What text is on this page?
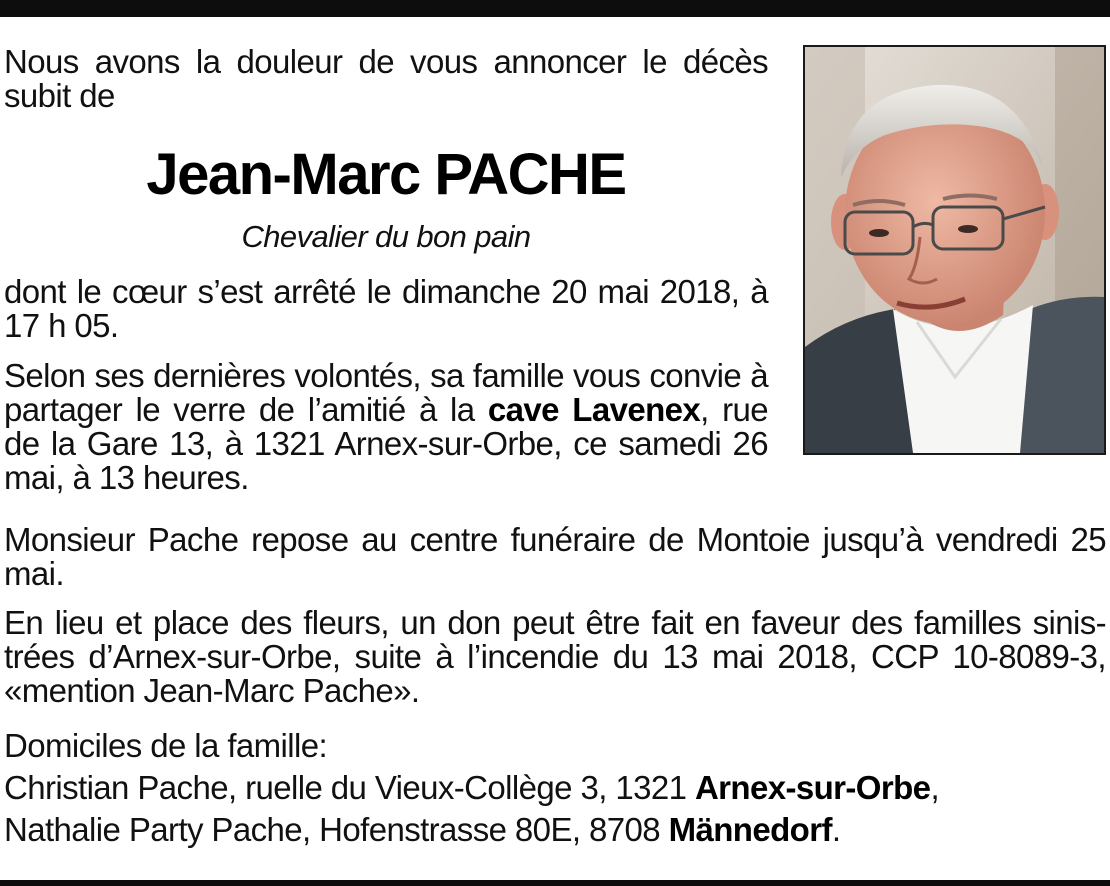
Nous avons la douleur de vous annoncer le décès subit de
Jean-Marc PACHE
Chevalier du bon pain
dont le cœur s’est arrêté le dimanche 20 mai 2018, à 17 h 05.
Selon ses dernières volontés, sa famille vous convie à partager le verre de l’amitié à la cave Lavenex, rue de la Gare 13, à 1321 Arnex-sur-Orbe, ce samedi 26 mai, à 13 heures.
Monsieur Pache repose au centre funéraire de Montoie jusqu’à vendredi 25 mai.
En lieu et place des fleurs, un don peut être fait en faveur des familles sinis-trées d’Arnex-sur-Orbe, suite à l’incendie du 13 mai 2018, CCP 10-8089-3, «mention Jean-Marc Pache».
Domiciles de la famille:
Christian Pache, ruelle du Vieux-Collège 3, 1321 Arnex-sur-Orbe,
Nathalie Party Pache, Hofenstrasse 80E, 8708 Männedorf.
